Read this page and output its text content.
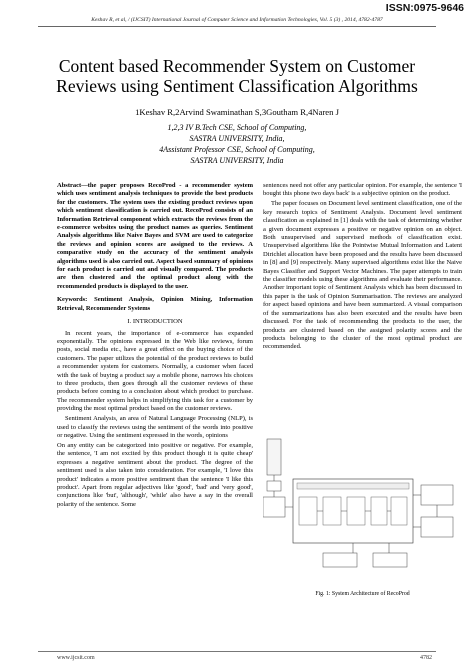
ISSN:0975-9646
Keshav R, et al, / (IJCSIT) International Journal of Computer Science and Information Technologies, Vol. 5 (3) , 2014, 4782-4787
Content based Recommender System on Customer
Reviews using Sentiment Classification Algorithms
1Keshav R,2Arvind Swaminathan S,3Goutham R,4Naren J
1,2,3 IV B.Tech CSE, School of Computing,
SASTRA UNIVERSITY, India,
4Assistant Professor CSE, School of Computing,
SASTRA UNIVERSITY, India

Abstract—the paper proposes RecoProd - a recommender system which uses sentiment analysis techniques to provide the best products for the customers. The system uses the existing product reviews upon which sentiment classification is carried out. RecoProd consists of an Information Retrieval component which extracts the reviews from the e-commerce websites using the product names as queries. Sentiment Analysis algorithms like Naive Bayes and SVM are used to categorize the reviews and opinion scores are assigned to the reviews. A comparative study on the accuracy of the sentiment analysis algorithms used is also carried out. Aspect based summary of opinions for each product is carried out and visually compared. The products are then clustered and the optimal product along with the recommended products is displayed to the user.

Keywords: Sentiment Analysis, Opinion Mining, Information Retrieval, Recommender Systems

I. INTRODUCTION

In recent years, the importance of e-commerce has expanded exponentially. The opinions expressed in the Web like reviews, forum posts, social media etc., have a great effect on the buying choice of the customers. The paper utilizes the potential of the product reviews to build a recommender system for customers. Normally, a customer when faced with the task of buying a product say a mobile phone, narrows his choices to three products, then goes through all the customer reviews of these products before coming to a conclusion about which product to purchase. The recommender system helps in simplifying this task for a customer by providing the most optimal product based on the customer reviews.

Sentiment Analysis, an area of Natural Language Processing (NLP), is used to classify the reviews using the sentiment of the words into positive or negative. Using the sentiment expressed in the words, opinions

On any entity can be categorized into positive or negative. For example, the sentence, 'I am not excited by this product though it is quite cheap' expresses a negative sentiment about the product. The degree of the sentiment used is also taken into consideration. For example, 'I love this product' indicates a more positive sentiment than the sentence 'I like this product'. Apart from regular adjectives like 'good', 'bad' and 'very good', conjunctions like 'but', 'although', 'while' also have a say in the overall polarity of the sentence. Some

sentences need not offer any particular opinion. For example, the sentence 'I bought this phone two days back' is a subjective opinion on the product.

The paper focuses on Document level sentiment classification, one of the key research topics of Sentiment Analysis. Document level sentiment classification as explained in [1] deals with the task of determining whether a given document expresses a positive or negative opinion on an object. Both unsupervised and supervised methods of classification exist. Unsupervised algorithms like the Pointwise Mutual Information and Latent Dirichlet allocation have been proposed and the results have been discussed in [8] and [9] respectively. Many supervised algorithms exist like the Naive Bayes Classifier and Support Vector Machines. The paper attempts to train the classifier models using these algorithms and evaluate their performance. Another important topic of Sentiment Analysis which has been discussed in this paper is the task of Opinion Summarisation. The reviews are analyzed for aspect based opinions and have been summarized. A visual comparison of the summarizations has also been executed and the results have been discussed. For the task of recommending the products to the user, the products are clustered based on the assigned polarity scores and the products belonging to the cluster of the most optimal product are recommended.

Fig. 1: System Architecture of RecoProd
www.ijcsit.com	4782
